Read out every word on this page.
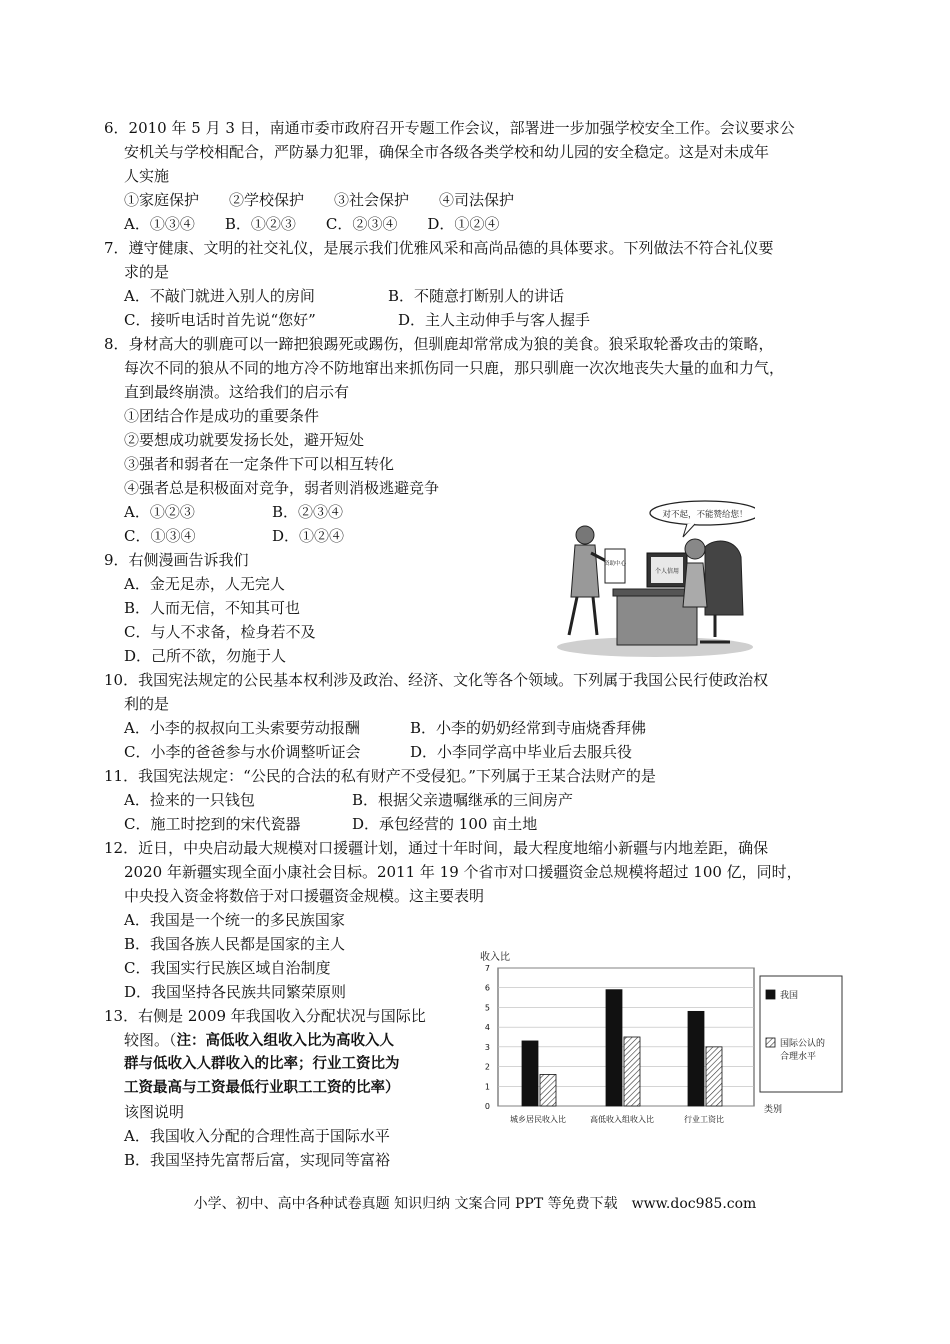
6．2010 年 5 月 3 日，南通市委市政府召开专题工作会议，部署进一步加强学校安全工作。会议要求公
安机关与学校相配合，严防暴力犯罪，确保全市各级各类学校和幼儿园的安全稳定。这是对未成年
人实施
①家庭保护　　②学校保护　　③社会保护　　④司法保护
A．①③④　　B．①②③　　C．②③④　　D．①②④
7．遵守健康、文明的社交礼仪，是展示我们优雅风采和高尚品德的具体要求。下列做法不符合礼仪要
求的是
A．不敲门就进入别人的房间	B．不随意打断别人的讲话
C．接听电话时首先说“您好”	D．主人主动伸手与客人握手
8．身材高大的驯鹿可以一蹄把狼踢死或踢伤，但驯鹿却常常成为狼的美食。狼采取轮番攻击的策略，
每次不同的狼从不同的地方冷不防地窜出来抓伤同一只鹿，那只驯鹿一次次地丧失大量的血和力气，
直到最终崩溃。这给我们的启示有
①团结合作是成功的重要条件
②要想成功就要发扬长处，避开短处
③强者和弱者在一定条件下可以相互转化
④强者总是积极面对竞争，弱者则消极逃避竞争
A．①②③	B．②③④
C．①③④	D．①②④
9．右侧漫画告诉我们
A．金无足赤，人无完人
B．人而无信，不知其可也
C．与人不求备，检身若不及
D．己所不欲，勿施于人
对不起，不能赞给您！
个人信用
资助中心
10．我国宪法规定的公民基本权利涉及政治、经济、文化等各个领域。下列属于我国公民行使政治权
利的是
A．小李的叔叔向工头索要劳动报酬	B．小李的奶奶经常到寺庙烧香拜佛
C．小李的爸爸参与水价调整听证会	D．小李同学高中毕业后去服兵役
11．我国宪法规定：“公民的合法的私有财产不受侵犯。”下列属于王某合法财产的是
A．捡来的一只钱包	B．根据父亲遗嘱继承的三间房产
C．施工时挖到的宋代瓷器	D．承包经营的 100 亩土地
12．近日，中央启动最大规模对口援疆计划，通过十年时间，最大程度地缩小新疆与内地差距，确保
2020 年新疆实现全面小康社会目标。2011 年 19 个省市对口援疆资金总规模将超过 100 亿，同时，
中央投入资金将数倍于对口援疆资金规模。这主要表明
A．我国是一个统一的多民族国家
B．我国各族人民都是国家的主人
C．我国实行民族区域自治制度
D．我国坚持各民族共同繁荣原则
13．右侧是 2009 年我国收入分配状况与国际比
较图。（注：高低收入组收入比为高收入人
群与低收入人群收入的比率；行业工资比为
工资最高与工资最低行业职工工资的比率）
该图说明
A．我国收入分配的合理性高于国际水平
B．我国坚持先富帮后富，实现同等富裕
收入比
类别
0
1
2
3
4
5
6
7
城乡居民收入比	高低收入组收入比	行业工资比
我国
国际公认的
合理水平
小学、初中、高中各种试卷真题 知识归纳 文案合同 PPT 等免费下载　www.doc985.com
